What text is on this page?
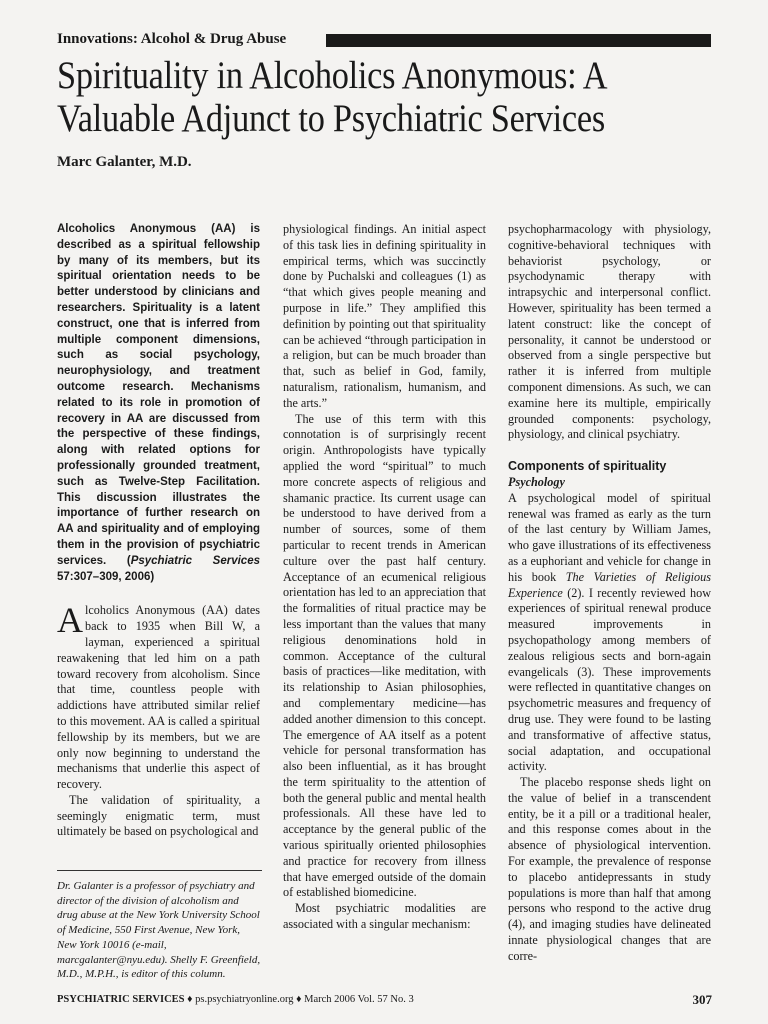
Innovations: Alcohol & Drug Abuse
Spirituality in Alcoholics Anonymous: A
Valuable Adjunct to Psychiatric Services
Marc Galanter, M.D.

Alcoholics Anonymous (AA) is described as a spiritual fellowship by many of its members, but its spiritual orientation needs to be better understood by clinicians and researchers. Spirituality is a latent construct, one that is inferred from multiple component dimensions, such as social psychology, neurophysiology, and treatment outcome research. Mechanisms related to its role in promotion of recovery in AA are discussed from the perspective of these findings, along with related options for professionally grounded treatment, such as Twelve-Step Facilitation. This discussion illustrates the importance of further research on AA and spirituality and of employing them in the provision of psychiatric services. (Psychiatric Services 57:307–309, 2006)

Alcoholics Anonymous (AA) dates back to 1935 when Bill W, a layman, experienced a spiritual reawakening that led him on a path toward recovery from alcoholism. Since that time, countless people with addictions have attributed similar relief to this movement. AA is called a spiritual fellowship by its members, but we are only now beginning to understand the mechanisms that underlie this aspect of recovery.

The validation of spirituality, a seemingly enigmatic term, must ultimately be based on psychological and

Dr. Galanter is a professor of psychiatry and director of the division of alcoholism and drug abuse at the New York University School of Medicine, 550 First Avenue, New York, New York 10016 (e-mail, marcgalanter@nyu.edu). Shelly F. Greenfield, M.D., M.P.H., is editor of this column.

physiological findings. An initial aspect of this task lies in defining spirituality in empirical terms, which was succinctly done by Puchalski and colleagues (1) as “that which gives people meaning and purpose in life.” They amplified this definition by pointing out that spirituality can be achieved “through participation in a religion, but can be much broader than that, such as belief in God, family, naturalism, rationalism, humanism, and the arts.”

The use of this term with this connotation is of surprisingly recent origin. Anthropologists have typically applied the word “spiritual” to much more concrete aspects of religious and shamanic practice. Its current usage can be understood to have derived from a number of sources, some of them particular to recent trends in American culture over the past half century. Acceptance of an ecumenical religious orientation has led to an appreciation that the formalities of ritual practice may be less important than the values that many religious denominations hold in common. Acceptance of the cultural basis of practices—like meditation, with its relationship to Asian philosophies, and complementary medicine—has added another dimension to this concept. The emergence of AA itself as a potent vehicle for personal transformation has also been influential, as it has brought the term spirituality to the attention of both the general public and mental health professionals. All these have led to acceptance by the general public of the various spiritually oriented philosophies and practice for recovery from illness that have emerged outside of the domain of established biomedicine.

Most psychiatric modalities are associated with a singular mechanism:

psychopharmacology with physiology, cognitive-behavioral techniques with behaviorist psychology, or psychodynamic therapy with intrapsychic and interpersonal conflict. However, spirituality has been termed a latent construct: like the concept of personality, it cannot be understood or observed from a single perspective but rather it is inferred from multiple component dimensions. As such, we can examine here its multiple, empirically grounded components: psychology, physiology, and clinical psychiatry.

Components of spirituality

Psychology

A psychological model of spiritual renewal was framed as early as the turn of the last century by William James, who gave illustrations of its effectiveness as a euphoriant and vehicle for change in his book The Varieties of Religious Experience (2). I recently reviewed how experiences of spiritual renewal produce measured improvements in psychopathology among members of zealous religious sects and born-again evangelicals (3). These improvements were reflected in quantitative changes on psychometric measures and frequency of drug use. They were found to be lasting and transformative of affective status, social adaptation, and occupational activity.

The placebo response sheds light on the value of belief in a transcendent entity, be it a pill or a traditional healer, and this response comes about in the absence of physiological intervention. For example, the prevalence of response to placebo antidepressants in study populations is more than half that among persons who respond to the active drug (4), and imaging studies have delineated innate physiological changes that are corre-

PSYCHIATRIC SERVICES ♦ ps.psychiatryonline.org ♦ March 2006 Vol. 57 No. 3	307
